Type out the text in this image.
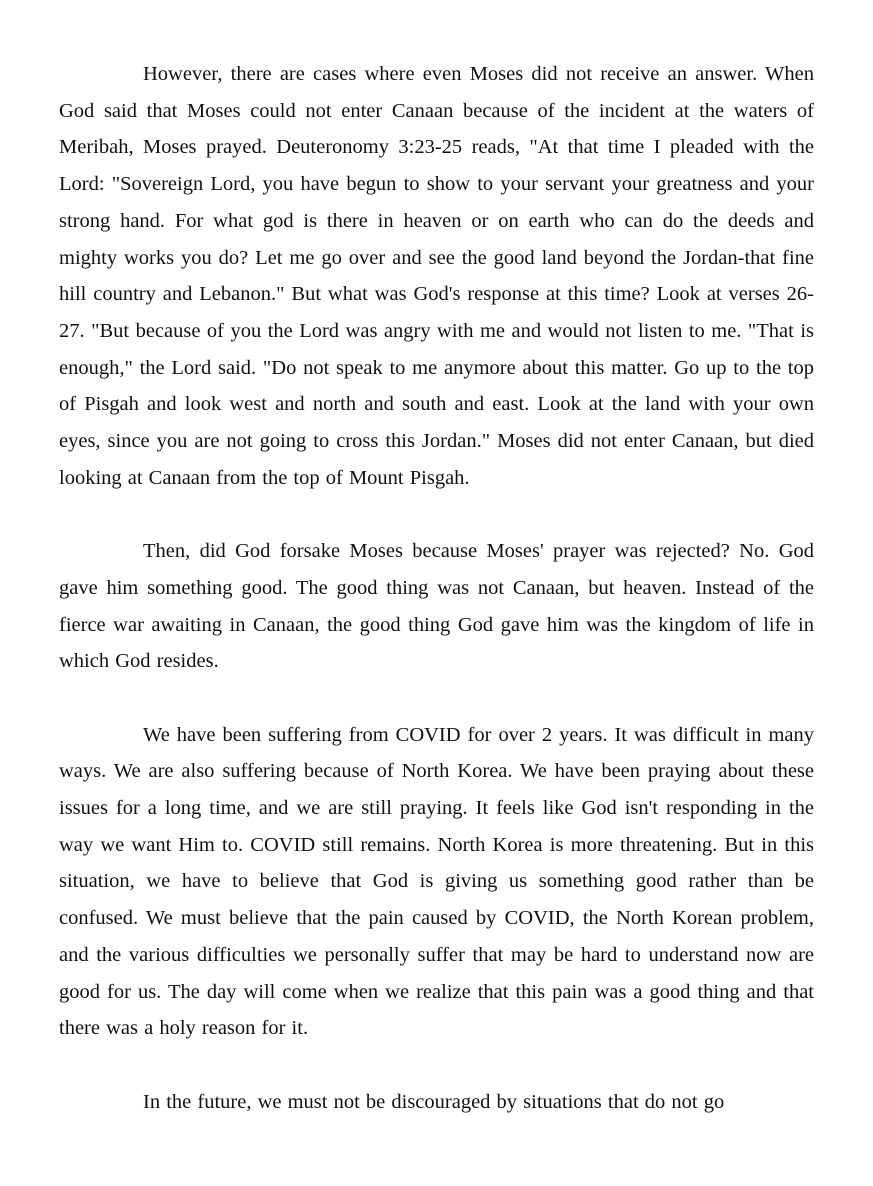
However, there are cases where even Moses did not receive an answer. When God said that Moses could not enter Canaan because of the incident at the waters of Meribah, Moses prayed. Deuteronomy 3:23-25 reads, "At that time I pleaded with the Lord: "Sovereign Lord, you have begun to show to your servant your greatness and your strong hand. For what god is there in heaven or on earth who can do the deeds and mighty works you do? Let me go over and see the good land beyond the Jordan-that fine hill country and Lebanon." But what was God's response at this time? Look at verses 26-27. "But because of you the Lord was angry with me and would not listen to me. "That is enough," the Lord said. "Do not speak to me anymore about this matter. Go up to the top of Pisgah and look west and north and south and east. Look at the land with your own eyes, since you are not going to cross this Jordan." Moses did not enter Canaan, but died looking at Canaan from the top of Mount Pisgah.

Then, did God forsake Moses because Moses' prayer was rejected? No. God gave him something good. The good thing was not Canaan, but heaven. Instead of the fierce war awaiting in Canaan, the good thing God gave him was the kingdom of life in which God resides.

We have been suffering from COVID for over 2 years. It was difficult in many ways. We are also suffering because of North Korea. We have been praying about these issues for a long time, and we are still praying. It feels like God isn't responding in the way we want Him to. COVID still remains. North Korea is more threatening. But in this situation, we have to believe that God is giving us something good rather than be confused. We must believe that the pain caused by COVID, the North Korean problem, and the various difficulties we personally suffer that may be hard to understand now are good for us. The day will come when we realize that this pain was a good thing and that there was a holy reason for it.

In the future, we must not be discouraged by situations that do not go
